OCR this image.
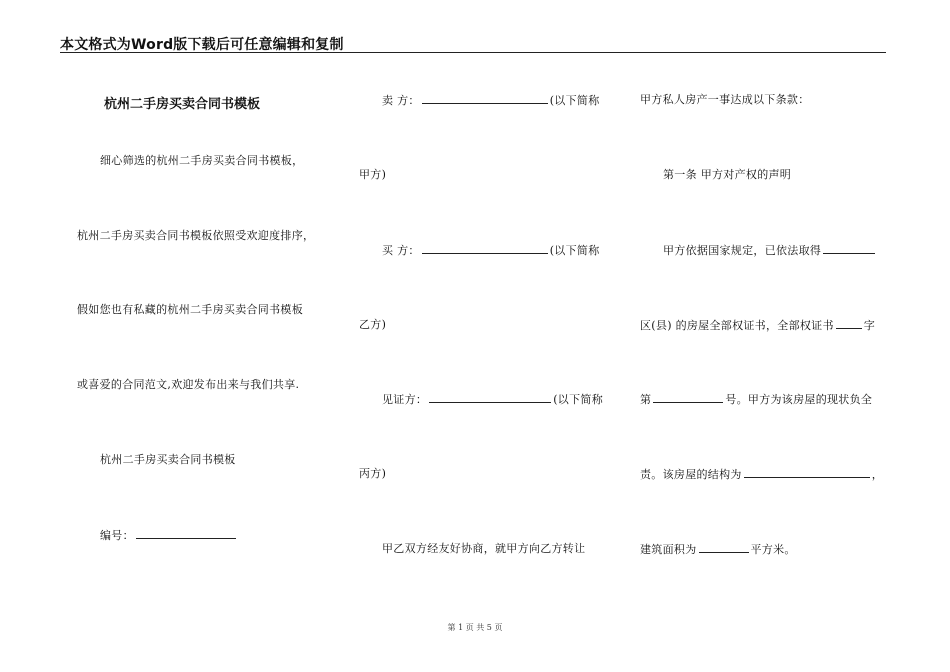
本文格式为Word版下载后可任意编辑和复制
杭州二手房买卖合同书模板
细心筛选的杭州二手房买卖合同书模板，
杭州二手房买卖合同书模板依照受欢迎度排序，
假如您也有私藏的杭州二手房买卖合同书模板
或喜爱的合同范文,欢迎发布出来与我们共享.
杭州二手房买卖合同书模板
编号：
卖 方：	(以下简称
甲方)
买 方：	(以下简称
乙方)
见证方：	(以下简称
丙方)
甲乙双方经友好协商，就甲方向乙方转让
甲方私人房产一事达成以下条款：
第一条 甲方对产权的声明
甲方依据国家规定，已依法取得
区(县) 的房屋全部权证书，全部权证书	字
第	号。甲方为该房屋的现状负全
责。该房屋的结构为	，
建筑面积为	平方米。
第 1 页 共 5 页
